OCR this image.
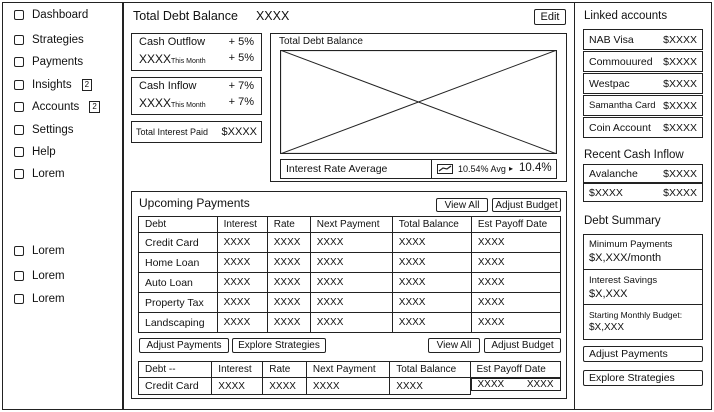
Dashboard
Strategies
Payments
Insights	2
Accounts	2
Settings
Help
Lorem
Lorem
Lorem
Lorem
Total Debt Balance XXXX	Edit
Cash Outflow + 5%
XXXXThis Month + 5%
Cash Inflow	+ 7%
XXXXThis Month + 7%
Total Interest Paid $XXXX
Total Debt Balance
Interest Rate Average	10.54% Avg ▸ 10.4%
Upcoming Payments	View All	Adjust Budget
Debt	Interest	Rate	Next Payment	Total Balance	Est Payoff Date
Credit Card	XXXX	XXXX	XXXX	XXXX	XXXX
Home Loan	XXXX	XXXX	XXXX	XXXX	XXXX
Auto Loan	XXXX	XXXX	XXXX	XXXX	XXXX
Property Tax	XXXX	XXXX	XXXX	XXXX	XXXX
Landscaping	XXXX	XXXX	XXXX	XXXX	XXXX
Adjust Payments	Explore Strategies	View All	Adjust Budget
Debt --	Interest	Rate	Next Payment	Total Balance	Est Payoff Date
Credit Card	XXXX	XXXX	XXXX	XXXX		XXXX XXXX
Linked accounts
NAB Visa	$XXXX
Commouured $XXXX
Westpac	$XXXX
Samantha Card $XXXX
Coin Account $XXXX
Recent Cash Inflow
Avalanche $XXXX
$XXXX	$XXXX
Debt Summary
Minimum Payments
$X,XXX/month
Interest Savings
$X,XXX
Starting Monthly Budget:
$X,XXX
Adjust Payments
Explore Strategies
